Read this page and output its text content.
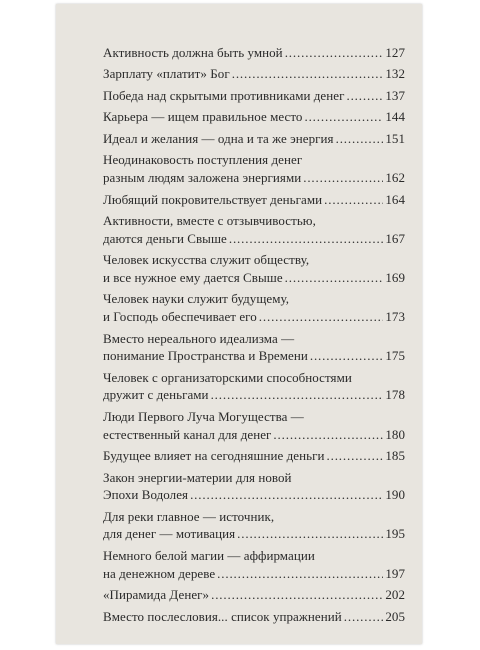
Активность должна быть умной . . .	127
Зарплату «платит» Бог . . .	132
Победа над скрытыми противниками денег . . .	137
Карьера — ищем правильное место . . .	144
Идеал и желания — одна и та же энергия . . .	151
Неодинаковость поступления денег
разным людям заложена энергиями . . .	162
Любящий покровительствует деньгами . . .	164
Активности, вместе с отзывчивостью,
даются деньги Свыше . . .	167
Человек искусства служит обществу,
и все нужное ему дается Свыше . . .	169
Человек науки служит будущему,
и Господь обеспечивает его . . .	173
Вместо нереального идеализма —
понимание Пространства и Времени . . .	175
Человек с организаторскими способностями
дружит с деньгами . . .	178
Люди Первого Луча Могущества —
естественный канал для денег . . .	180
Будущее влияет на сегодняшние деньги . . .	185
Закон энергии-материи для новой
Эпохи Водолея . . .	190
Для реки главное — источник,
для денег — мотивация . . .	195
Немного белой магии — аффирмации
на денежном дереве . . .	197
«Пирамида Денег» . . .	202
Вместо послесловия... список упражнений . . .	205
